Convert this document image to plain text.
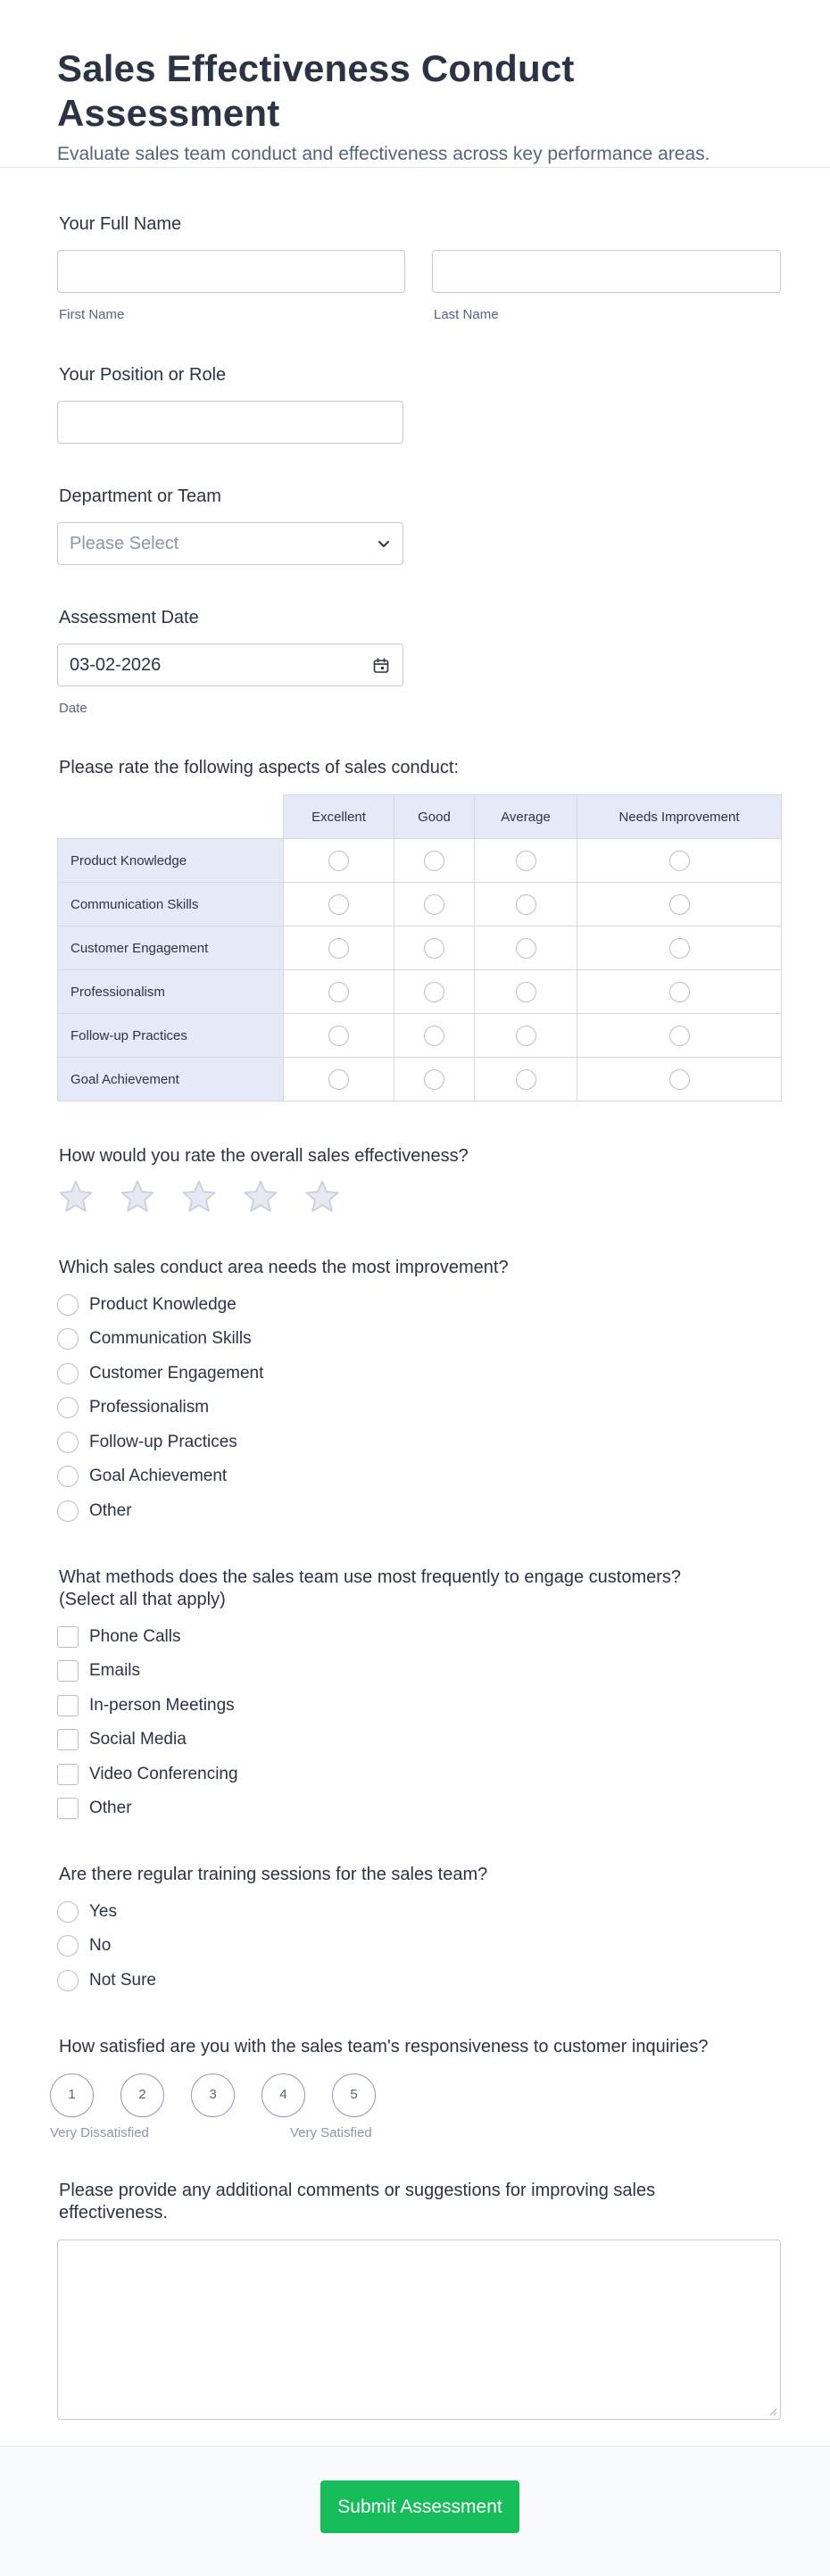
Sales Effectiveness Conduct Assessment
Evaluate sales team conduct and effectiveness across key performance areas.
Your Full Name
First Name	Last Name
Your Position or Role
Department or Team
Please Select
Assessment Date
03-02-2026
Date
Please rate the following aspects of sales conduct:
	Excellent	Good	Average	Needs Improvement
Product Knowledge				
Communication Skills				
Customer Engagement				
Professionalism				
Follow-up Practices				
Goal Achievement				
How would you rate the overall sales effectiveness?
Which sales conduct area needs the most improvement?
Product Knowledge
Communication Skills
Customer Engagement
Professionalism
Follow-up Practices
Goal Achievement
Other
What methods does the sales team use most frequently to engage customers?
(Select all that apply)
Phone Calls
Emails
In-person Meetings
Social Media
Video Conferencing
Other
Are there regular training sessions for the sales team?
Yes
No
Not Sure
How satisfied are you with the sales team's responsiveness to customer inquiries?
1	2	3	4	5
Very Dissatisfied	Very Satisfied
Please provide any additional comments or suggestions for improving sales
effectiveness.
Submit Assessment
